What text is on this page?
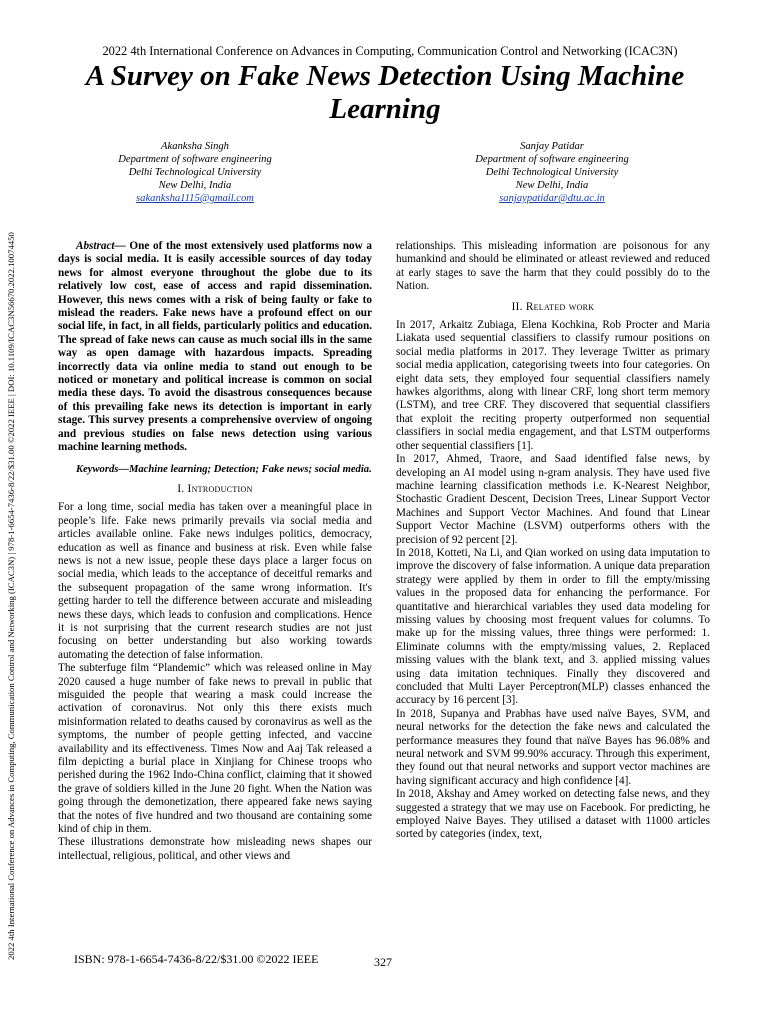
2022 4th International Conference on Advances in Computing, Communication Control and Networking (ICAC3N) | 978-1-6654-7436-8/22/$31.00 ©2022 IEEE | DOI: 10.1109/ICAC3N56670.2022.10074450
2022 4th International Conference on Advances in Computing, Communication Control and Networking (ICAC3N)
A Survey on Fake News Detection Using Machine Learning
Akanksha Singh
Department of software engineering
Delhi Technological University
New Delhi, India
sakanksha1115@gmail.com
Sanjay Patidar
Department of software engineering
Delhi Technological University
New Delhi, India
sanjaypatidar@dtu.ac.in

Abstract— One of the most extensively used platforms now a days is social media. It is easily accessible sources of day today news for almost everyone throughout the globe due to its relatively low cost, ease of access and rapid dissemination. However, this news comes with a risk of being faulty or fake to mislead the readers. Fake news have a profound effect on our social life, in fact, in all fields, particularly politics and education. The spread of fake news can cause as much social ills in the same way as open damage with hazardous impacts. Spreading incorrectly data via online media to stand out enough to be noticed or monetary and political increase is common on social media these days. To avoid the disastrous consequences because of this prevailing fake news its detection is important in early stage. This survey presents a comprehensive overview of ongoing and previous studies on false news detection using various machine learning methods.

Keywords—Machine learning; Detection; Fake news; social media.

I. Introduction

For a long time, social media has taken over a meaningful place in people’s life. Fake news primarily prevails via social media and articles available online. Fake news indulges politics, democracy, education as well as finance and business at risk. Even while false news is not a new issue, people these days place a larger focus on social media, which leads to the acceptance of deceitful remarks and the subsequent propagation of the same wrong information. It's getting harder to tell the difference between accurate and misleading news these days, which leads to confusion and complications. Hence it is not surprising that the current research studies are not just focusing on better understanding but also working towards automating the detection of false information.

The subterfuge film “Plandemic” which was released online in May 2020 caused a huge number of fake news to prevail in public that misguided the people that wearing a mask could increase the activation of coronavirus. Not only this there exists much misinformation related to deaths caused by coronavirus as well as the symptoms, the number of people getting infected, and vaccine availability and its effectiveness. Times Now and Aaj Tak released a film depicting a burial place in Xinjiang for Chinese troops who perished during the 1962 Indo-China conflict, claiming that it showed the grave of soldiers killed in the June 20 fight. When the Nation was going through the demonetization, there appeared fake news saying that the notes of five hundred and two thousand are containing some kind of chip in them.

These illustrations demonstrate how misleading news shapes our intellectual, religious, political, and other views and

relationships. This misleading information are poisonous for any humankind and should be eliminated or atleast reviewed and reduced at early stages to save the harm that they could possibly do to the Nation.

II. Related work

In 2017, Arkaitz Zubiaga, Elena Kochkina, Rob Procter and Maria Liakata used sequential classifiers to classify rumour positions on social media platforms in 2017. They leverage Twitter as primary social media application, categorising tweets into four categories. On eight data sets, they employed four sequential classifiers namely hawkes algorithms, along with linear CRF, long short term memory (LSTM), and tree CRF. They discovered that sequential classifiers that exploit the reciting property outperformed non sequential classifiers in social media engagement, and that LSTM outperforms other sequential classifiers [1].

In 2017, Ahmed, Traore, and Saad identified false news, by developing an AI model using n-gram analysis. They have used five machine learning classification methods i.e. K-Nearest Neighbor, Stochastic Gradient Descent, Decision Trees, Linear Support Vector Machines and Support Vector Machines. And found that Linear Support Vector Machine (LSVM) outperforms others with the precision of 92 percent [2].

In 2018, Kotteti, Na Li, and Qian worked on using data imputation to improve the discovery of false information. A unique data preparation strategy were applied by them in order to fill the empty/missing values in the proposed data for enhancing the performance. For quantitative and hierarchical variables they used data modeling for missing values by choosing most frequent values for columns. To make up for the missing values, three things were performed: 1. Eliminate columns with the empty/missing values, 2. Replaced missing values with the blank text, and 3. applied missing values using data imitation techniques. Finally they discovered and concluded that Multi Layer Perceptron(MLP) classes enhanced the accuracy by 16 percent [3].

In 2018, Supanya and Prabhas have used naïve Bayes, SVM, and neural networks for the detection the fake news and calculated the performance measures they found that naïve Bayes has 96.08% and neural network and SVM 99.90% accuracy. Through this experiment, they found out that neural networks and support vector machines are having significant accuracy and high confidence [4].

In 2018, Akshay and Amey worked on detecting false news, and they suggested a strategy that we may use on Facebook. For predicting, he employed Naive Bayes. They utilised a dataset with 11000 articles sorted by categories (index, text,

ISBN: 978-1-6654-7436-8/22/$31.00 ©2022 IEEE	327
